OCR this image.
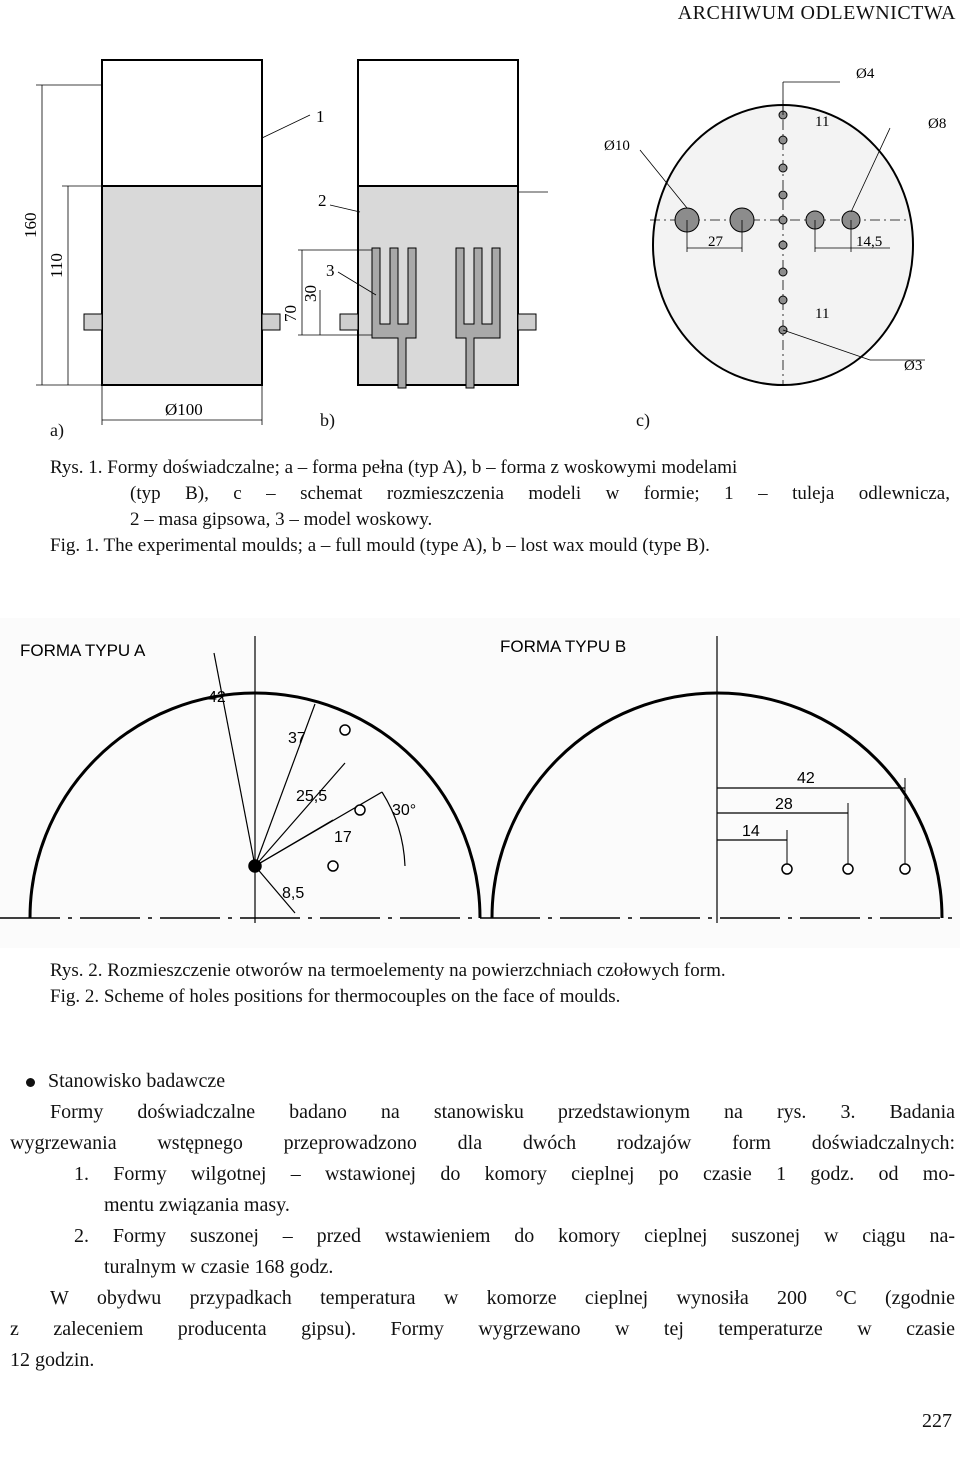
ARCHIWUM ODLEWNICTWA
160
110
Ø100
1
70
30
2
3
Ø4
Ø10
Ø8
11
27	14,5
11
Ø3
a)	b)	c)
Rys. 1. Formy doświadczalne; a – forma pełna (typ A), b – forma z woskowymi modelami
(typ B), c – schemat rozmieszczenia modeli w formie; 1 – tuleja odlewnicza,
2 – masa gipsowa, 3 – model woskowy.
Fig. 1. The experimental moulds; a – full mould (type A), b – lost wax mould (type B).
FORMA TYPU A
42
37
25,5
17
8,5
30°
FORMA TYPU B
42
28
14
Rys. 2. Rozmieszczenie otworów na termoelementy na powierzchniach czołowych form.
Fig. 2. Scheme of holes positions for thermocouples on the face of moulds.
Stanowisko badawcze
Formy doświadczalne badano na stanowisku przedstawionym na rys. 3. Badania
wygrzewania wstępnego przeprowadzono dla dwóch rodzajów form doświadczalnych:
1. Formy wilgotnej – wstawionej do komory cieplnej po czasie 1 godz. od mo-
mentu związania masy.
2. Formy suszonej – przed wstawieniem do komory cieplnej suszonej w ciągu na-
turalnym w czasie 168 godz.
W obydwu przypadkach temperatura w komorze cieplnej wynosiła 200 °C (zgodnie
z zaleceniem producenta gipsu). Formy wygrzewano w tej temperaturze w czasie
12 godzin.
227
